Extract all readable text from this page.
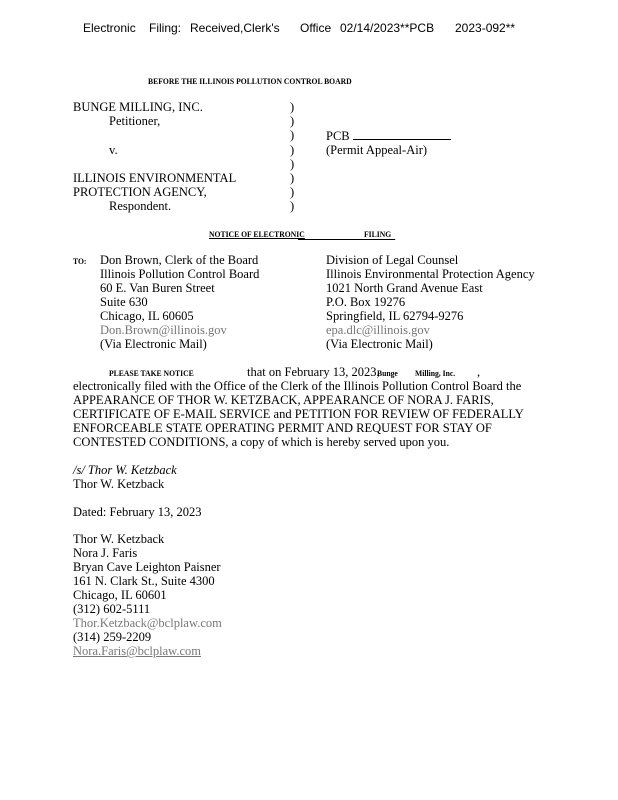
Electronic Filing: Received,Clerk's Office 02/14/2023**PCB 2023-092**
BEFORE THE ILLINOIS POLLUTION CONTROL BOARD
BUNGE MILLING, INC.
Petitioner,
v.
ILLINOIS ENVIRONMENTAL
PROTECTION AGENCY,
Respondent.
)
)
)
)
)
)
)
)
PCB
(Permit Appeal-Air)
NOTICE OF ELECTRONIC	FILING
TO: Don Brown, Clerk of the Board
Illinois Pollution Control Board
60 E. Van Buren Street
Suite 630
Chicago, IL 60605
Don.Brown@illinois.gov
(Via Electronic Mail)
Division of Legal Counsel
Illinois Environmental Protection Agency
1021 North Grand Avenue East
P.O. Box 19276
Springfield, IL 62794-9276
epa.dlc@illinois.gov
(Via Electronic Mail)
PLEASE TAKE NOTICE	that on February 13, 2023,
Bunge Milling, Inc. ,
electronically filed with the Office of the Clerk of the Illinois Pollution Control Board the
APPEARANCE OF THOR W. KETZBACK, APPEARANCE OF NORA J. FARIS,
CERTIFICATE OF E-MAIL SERVICE and PETITION FOR REVIEW OF FEDERALLY
ENFORCEABLE STATE OPERATING PERMIT AND REQUEST FOR STAY OF
CONTESTED CONDITIONS, a copy of which is hereby served upon you.
/s/ Thor W. Ketzback
Thor W. Ketzback
Dated: February 13, 2023
Thor W. Ketzback
Nora J. Faris
Bryan Cave Leighton Paisner
161 N. Clark St., Suite 4300
Chicago, IL 60601
(312) 602-5111
Thor.Ketzback@bclplaw.com
(314) 259-2209
Nora.Faris@bclplaw.com
